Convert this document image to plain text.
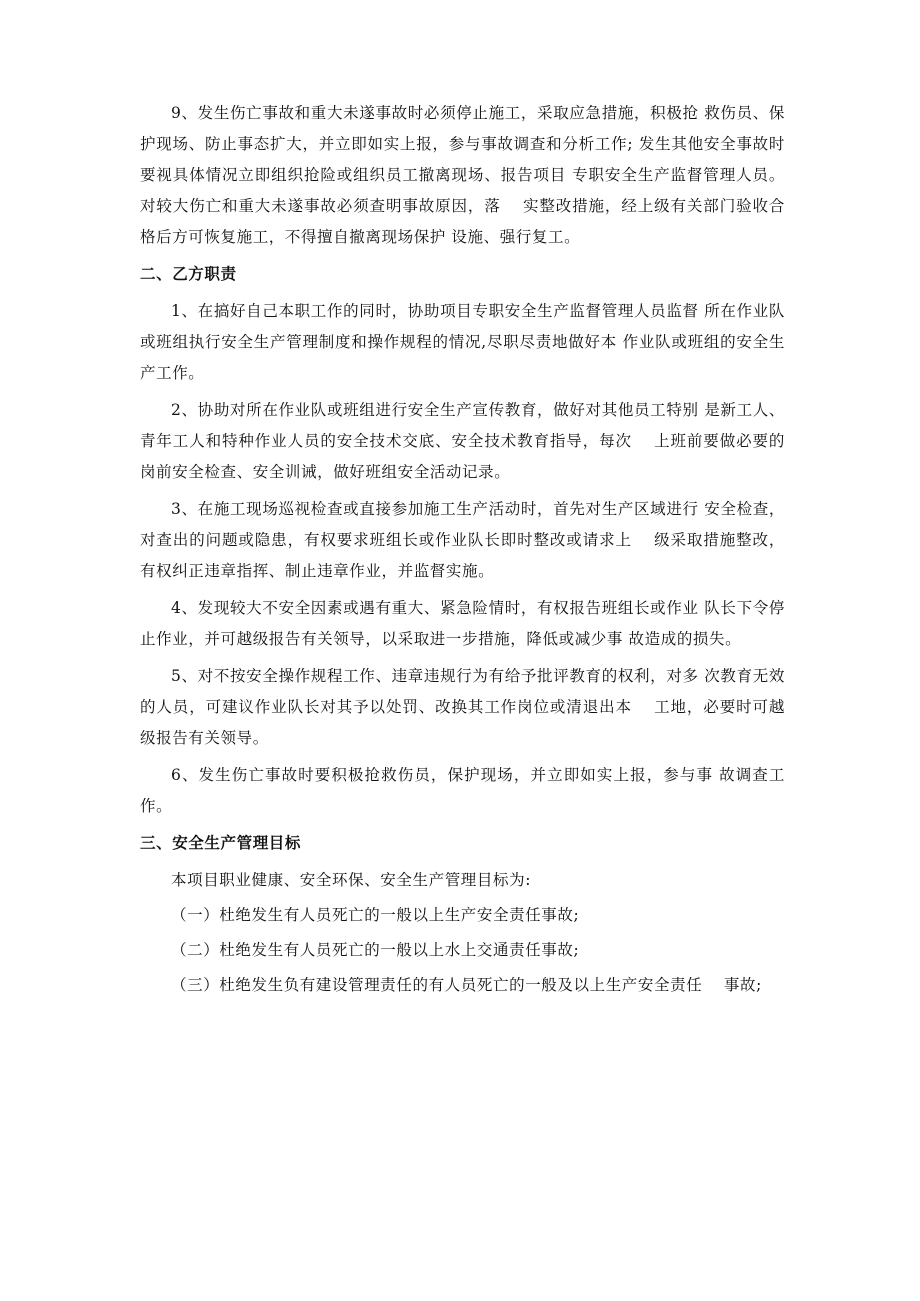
9、发生伤亡事故和重大未遂事故时必须停止施工，采取应急措施，积极抢 救伤员、保护现场、防止事态扩大，并立即如实上报，参与事故调查和分析工作; 发生其他安全事故时要视具体情况立即组织抢险或组织员工撤离现场、报告项目 专职安全生产监督管理人员。对较大伤亡和重大未遂事故必须查明事故原因，落　 实整改措施，经上级有关部门验收合格后方可恢复施工，不得擅自撤离现场保护 设施、强行复工。

二、乙方职责

1、在搞好自己本职工作的同时，协助项目专职安全生产监督管理人员监督 所在作业队或班组执行安全生产管理制度和操作规程的情况,尽职尽责地做好本 作业队或班组的安全生产工作。

2、协助对所在作业队或班组进行安全生产宣传教育，做好对其他员工特别 是新工人、青年工人和特种作业人员的安全技术交底、安全技术教育指导，每次　 上班前要做必要的岗前安全检查、安全训诫，做好班组安全活动记录。

3、在施工现场巡视检查或直接参加施工生产活动时，首先对生产区域进行 安全检查，对查出的问题或隐患，有权要求班组长或作业队长即时整改或请求上　 级采取措施整改，有权纠正违章指挥、制止违章作业，并监督实施。

4、发现较大不安全因素或遇有重大、紧急险情时，有权报告班组长或作业 队长下令停止作业，并可越级报告有关领导，以采取进一步措施，降低或减少事 故造成的损失。

5、对不按安全操作规程工作、违章违规行为有给予批评教育的权利，对多 次教育无效的人员，可建议作业队长对其予以处罚、改换其工作岗位或清退出本　 工地，必要时可越级报告有关领导。

6、发生伤亡事故时要积极抢救伤员，保护现场，并立即如实上报，参与事 故调查工作。

三、安全生产管理目标

本项目职业健康、安全环保、安全生产管理目标为:

（一）杜绝发生有人员死亡的一般以上生产安全责任事故;

（二）杜绝发生有人员死亡的一般以上水上交通责任事故;

（三）杜绝发生负有建设管理责任的有人员死亡的一般及以上生产安全责任　 事故;
